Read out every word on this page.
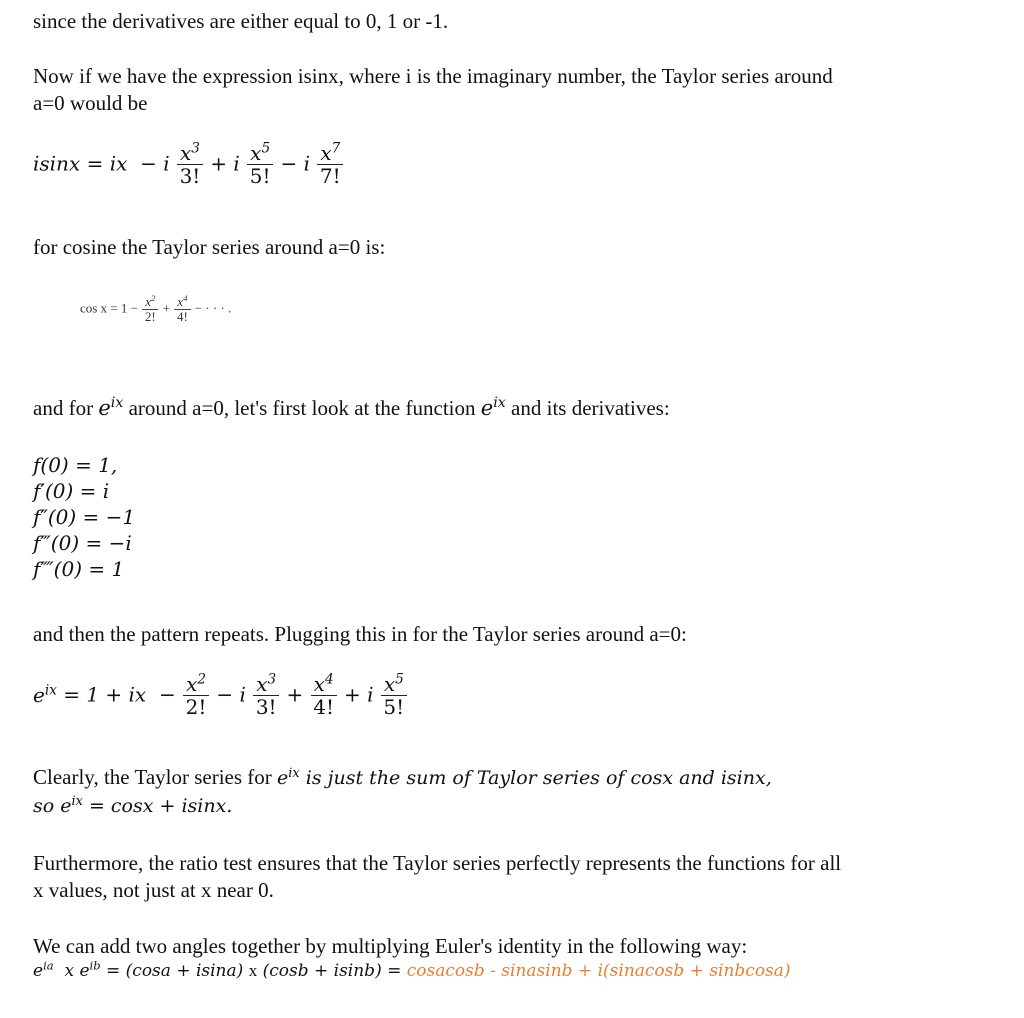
since the derivatives are either equal to 0, 1 or -1.
Now if we have the expression isinx, where i is the imaginary number, the Taylor series around
a=0 would be
isinx = ix − i $\frac{x^3}{3!} + i \frac{x^5}{5!} - i \frac{x^7}{7!}$
for cosine the Taylor series around a=0 is:
$\cos x = 1 - \frac{x^2}{2!} + \frac{x^4}{4!}$ − · · · .
and for $e^{ix}$ around a=0, let's first look at the function $e^{ix}$ and its derivatives:
f(0) = 1,
f′(0) = i
f″(0) = −1
f‴(0) = −i
f⁗(0) = 1
and then the pattern repeats. Plugging this in for the Taylor series around a=0:
$e^{ix} = 1$ + ix − $\frac{x^2}{2!} - i \frac{x^3}{3!} + \frac{x^4}{4!} + i \frac{x^5}{5!}$
Clearly, the Taylor series for $e^{ix}$ is just the sum of Taylor series of cosx and isinx,
so $e^{ix} = \cos x + isinx$.
Furthermore, the ratio test ensures that the Taylor series perfectly represents the functions for all
x values, not just at x near 0.
We can add two angles together by multiplying Euler's identity in the following way:
$e^{ia}$ x $e^{ib} = (\cos a + isina)$ x (cosb + isinb) = cosacosb - sinasinb + i(sinacosb + sinbcosa)
